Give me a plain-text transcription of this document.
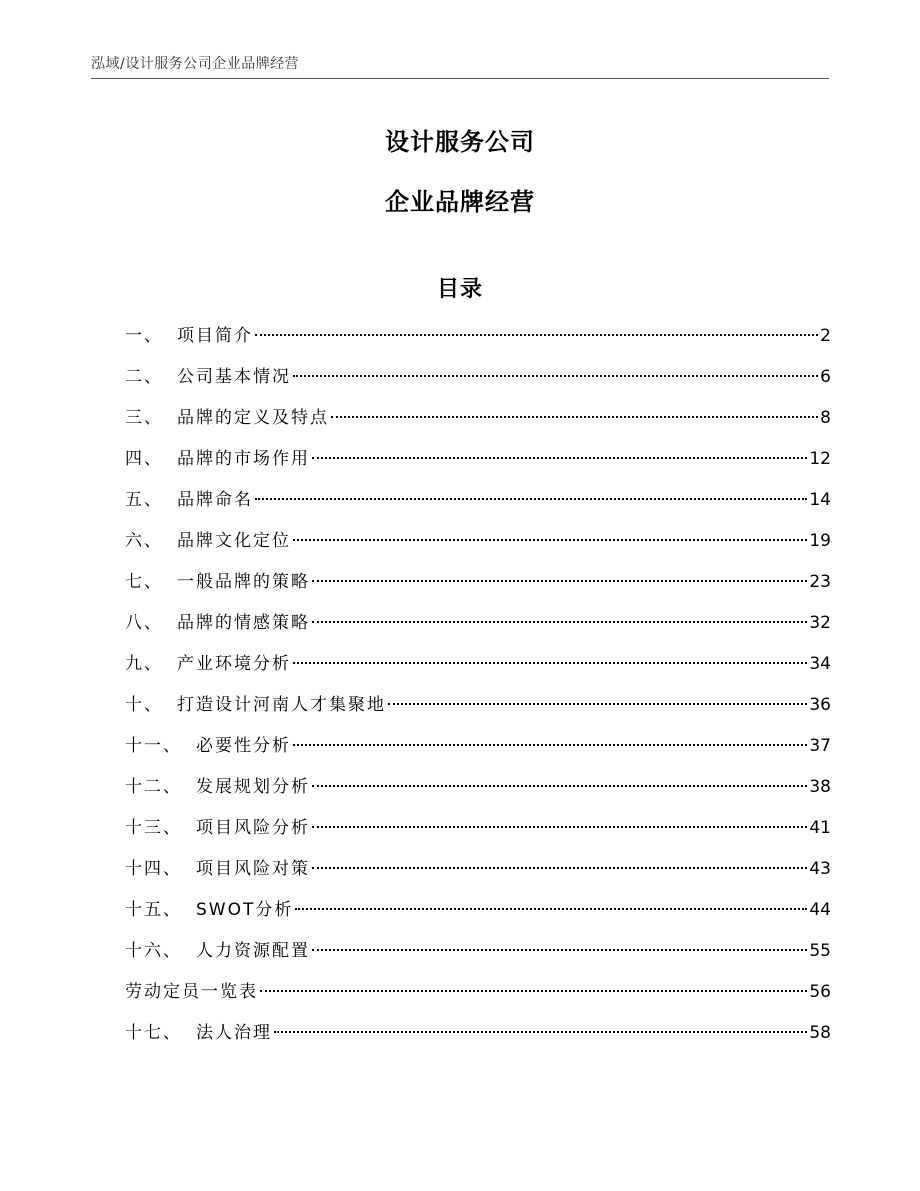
泓域/设计服务公司企业品牌经营
设计服务公司
企业品牌经营
目录
一、 项目简介	2
二、 公司基本情况	6
三、 品牌的定义及特点	8
四、 品牌的市场作用	12
五、 品牌命名	14
六、 品牌文化定位	19
七、 一般品牌的策略	23
八、 品牌的情感策略	32
九、 产业环境分析	34
十、 打造设计河南人才集聚地	36
十一、 必要性分析	37
十二、 发展规划分析	38
十三、 项目风险分析	41
十四、 项目风险对策	43
十五、 SWOT分析	44
十六、 人力资源配置	55
劳动定员一览表	56
十七、 法人治理	58
